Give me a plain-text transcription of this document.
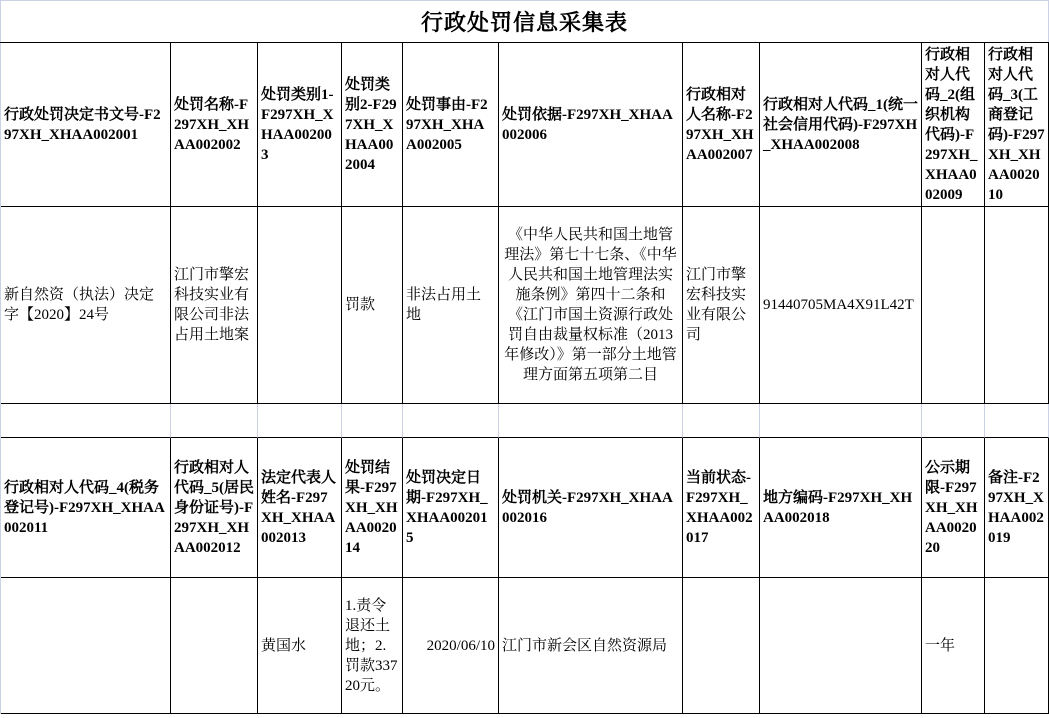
行政处罚信息采集表
行政处罚决定书文号-F297XH_XHAA002001
处罚名称-F297XH_XHAA002002
处罚类别1-F297XH_XHAA002003
处罚类别2-F297XH_XHAA002004
处罚事由-F297XH_XHAA002005
处罚依据-F297XH_XHAA002006
行政相对人名称-F297XH_XHAA002007
行政相对人代码_1(统一社会信用代码)-F297XH_XHAA002008
行政相对人代码_2(组织机构代码)-F297XH_XHAA002009
行政相对人代码_3(工商登记码)-F297XH_XHAA002010
新自然资（执法）决定字【2020】24号
江门市擎宏科技实业有限公司非法占用土地案
罚款
非法占用土地
《中华人民共和国土地管理法》第七十七条、《中华人民共和国土地管理法实施条例》第四十二条和《江门市国土资源行政处罚自由裁量权标准（2013年修改）》第一部分土地管理方面第五项第二目
江门市擎宏科技实业有限公司
91440705MA4X91L42T
行政相对人代码_4(税务登记号)-F297XH_XHAA002011
行政相对人代码_5(居民身份证号)-F297XH_XHAA002012
法定代表人姓名-F297XH_XHAA002013
处罚结果-F297XH_XHAA002014
处罚决定日期-F297XH_XHAA002015
处罚机关-F297XH_XHAA002016
当前状态-F297XH_XHAA002017
地方编码-F297XH_XHAA002018
公示期限-F297XH_XHAA002020
备注-F297XH_XHAA002019
黄国水
1.责令退还土地；2.罚款33720元。
2020/06/10 江门市新会区自然资源局	一年
